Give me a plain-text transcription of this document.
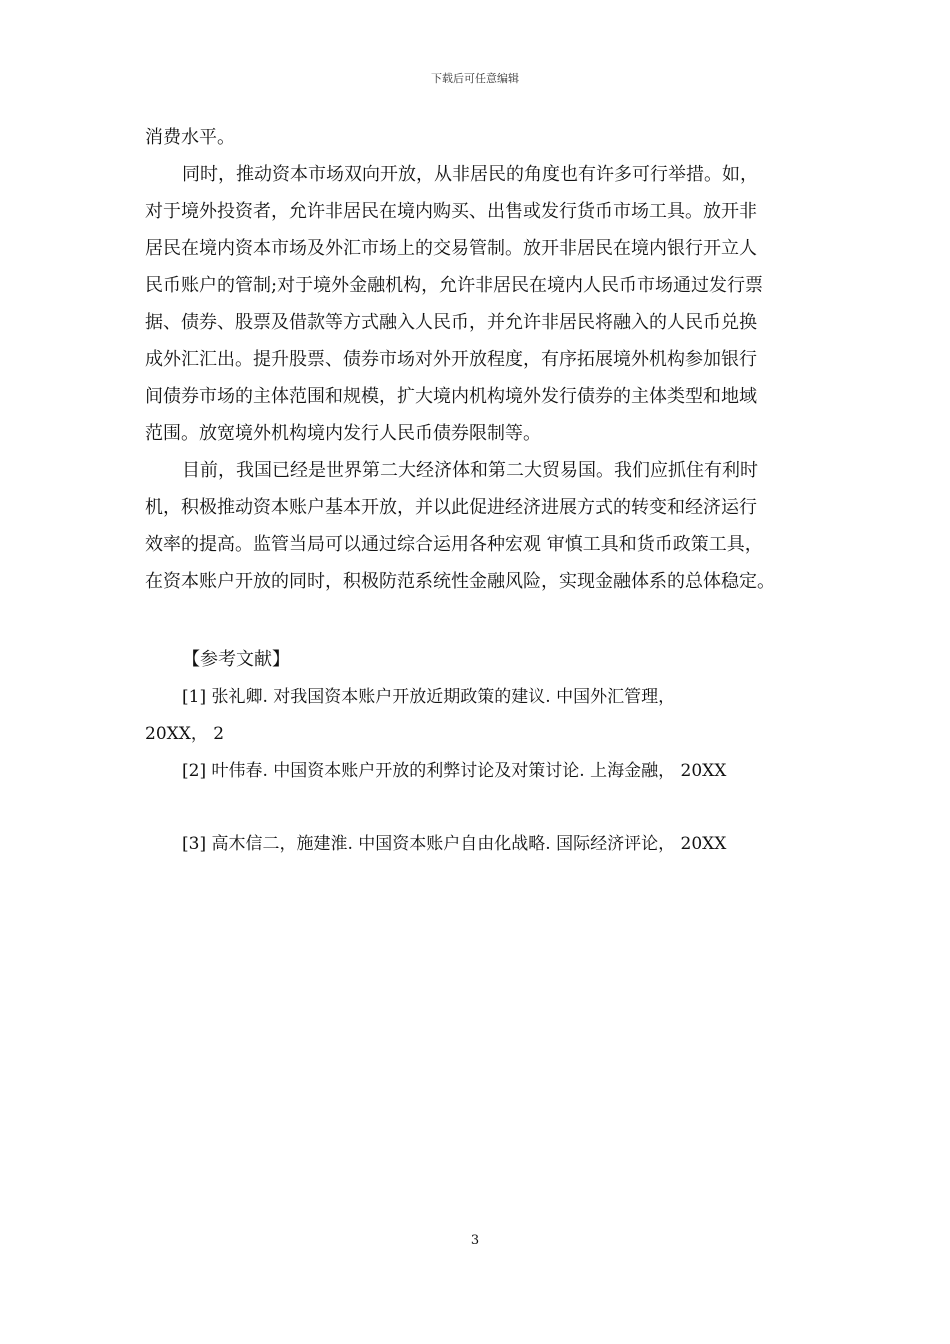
下载后可任意编辑
消费水平。
同时，推动资本市场双向开放，从非居民的角度也有许多可行举措。如，
对于境外投资者，允许非居民在境内购买、出售或发行货币市场工具。放开非
居民在境内资本市场及外汇市场上的交易管制。放开非居民在境内银行开立人
民币账户的管制;对于境外金融机构，允许非居民在境内人民币市场通过发行票
据、债券、股票及借款等方式融入人民币，并允许非居民将融入的人民币兑换
成外汇汇出。提升股票、债券市场对外开放程度，有序拓展境外机构参加银行
间债券市场的主体范围和规模，扩大境内机构境外发行债券的主体类型和地域
范围。放宽境外机构境内发行人民币债券限制等。
目前，我国已经是世界第二大经济体和第二大贸易国。我们应抓住有利时
机，积极推动资本账户基本开放，并以此促进经济进展方式的转变和经济运行
效率的提高。监管当局可以通过综合运用各种宏观 审慎工具和货币政策工具，
在资本账户开放的同时，积极防范系统性金融风险，实现金融体系的总体稳定。
【参考文献】
[1] 张礼卿. 对我国资本账户开放近期政策的建议. 中国外汇管理，
20XX， 2
[2] 叶伟春. 中国资本账户开放的利弊讨论及对策讨论. 上海金融， 20XX
[3] 高木信二，施建淮. 中国资本账户自由化战略. 国际经济评论， 20XX
3
